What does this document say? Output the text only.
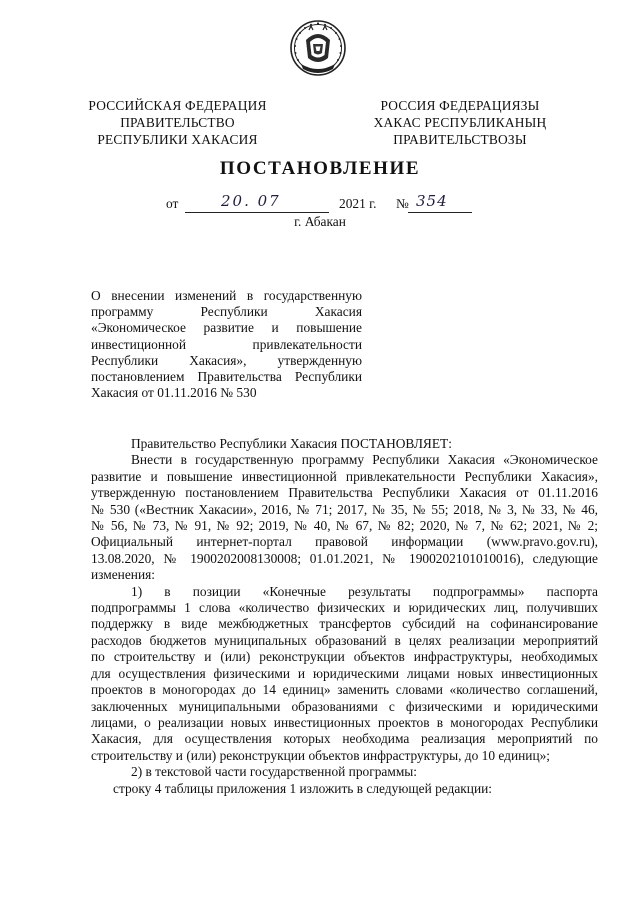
РОССИЙСКАЯ ФЕДЕРАЦИЯ
ПРАВИТЕЛЬСТВО
РЕСПУБЛИКИ ХАКАСИЯ
РОССИЯ ФЕДЕРАЦИЯЗЫ
ХАКАС РЕСПУБЛИКАНЫҢ
ПРАВИТЕЛЬСТВОЗЫ
ПОСТАНОВЛЕНИЕ
от	20. 07	2021 г. № 354
г. Абакан
О внесении изменений в государственную
программу Республики Хакасия
«Экономическое развитие и повышение
инвестиционной привлекательности
Республики Хакасия», утвержденную
постановлением Правительства Республики
Хакасия от 01.11.2016 № 530
Правительство Республики Хакасия ПОСТАНОВЛЯЕТ:
Внести в государственную программу Республики Хакасия «Экономическое
развитие и повышение инвестиционной привлекательности Республики Хакасия»,
утвержденную постановлением Правительства Республики Хакасия от 01.11.2016
№ 530 («Вестник Хакасии», 2016, № 71; 2017, № 35, № 55; 2018, № 3, № 33, № 46,
№ 56, № 73, № 91, № 92; 2019, № 40, № 67, № 82; 2020, № 7, № 62; 2021, № 2;
Официальный интернет-портал правовой информации (www.pravo.gov.ru),
13.08.2020, № 1900202008130008; 01.01.2021, № 1900202101010016), следующие
изменения:
1) в позиции «Конечные результаты подпрограммы» паспорта
подпрограммы 1 слова «количество физических и юридических лиц, получивших
поддержку в виде межбюджетных трансфертов субсидий на софинансирование
расходов бюджетов муниципальных образований в целях реализации мероприятий
по строительству и (или) реконструкции объектов инфраструктуры, необходимых
для осуществления физическими и юридическими лицами новых инвестиционных
проектов в моногородах до 14 единиц» заменить словами «количество соглашений,
заключенных муниципальными образованиями с физическими и юридическими
лицами, о реализации новых инвестиционных проектов в моногородах Республики
Хакасия, для осуществления которых необходима реализация мероприятий по
строительству и (или) реконструкции объектов инфраструктуры, до 10 единиц»;
2) в текстовой части государственной программы:
строку 4 таблицы приложения 1 изложить в следующей редакции:
